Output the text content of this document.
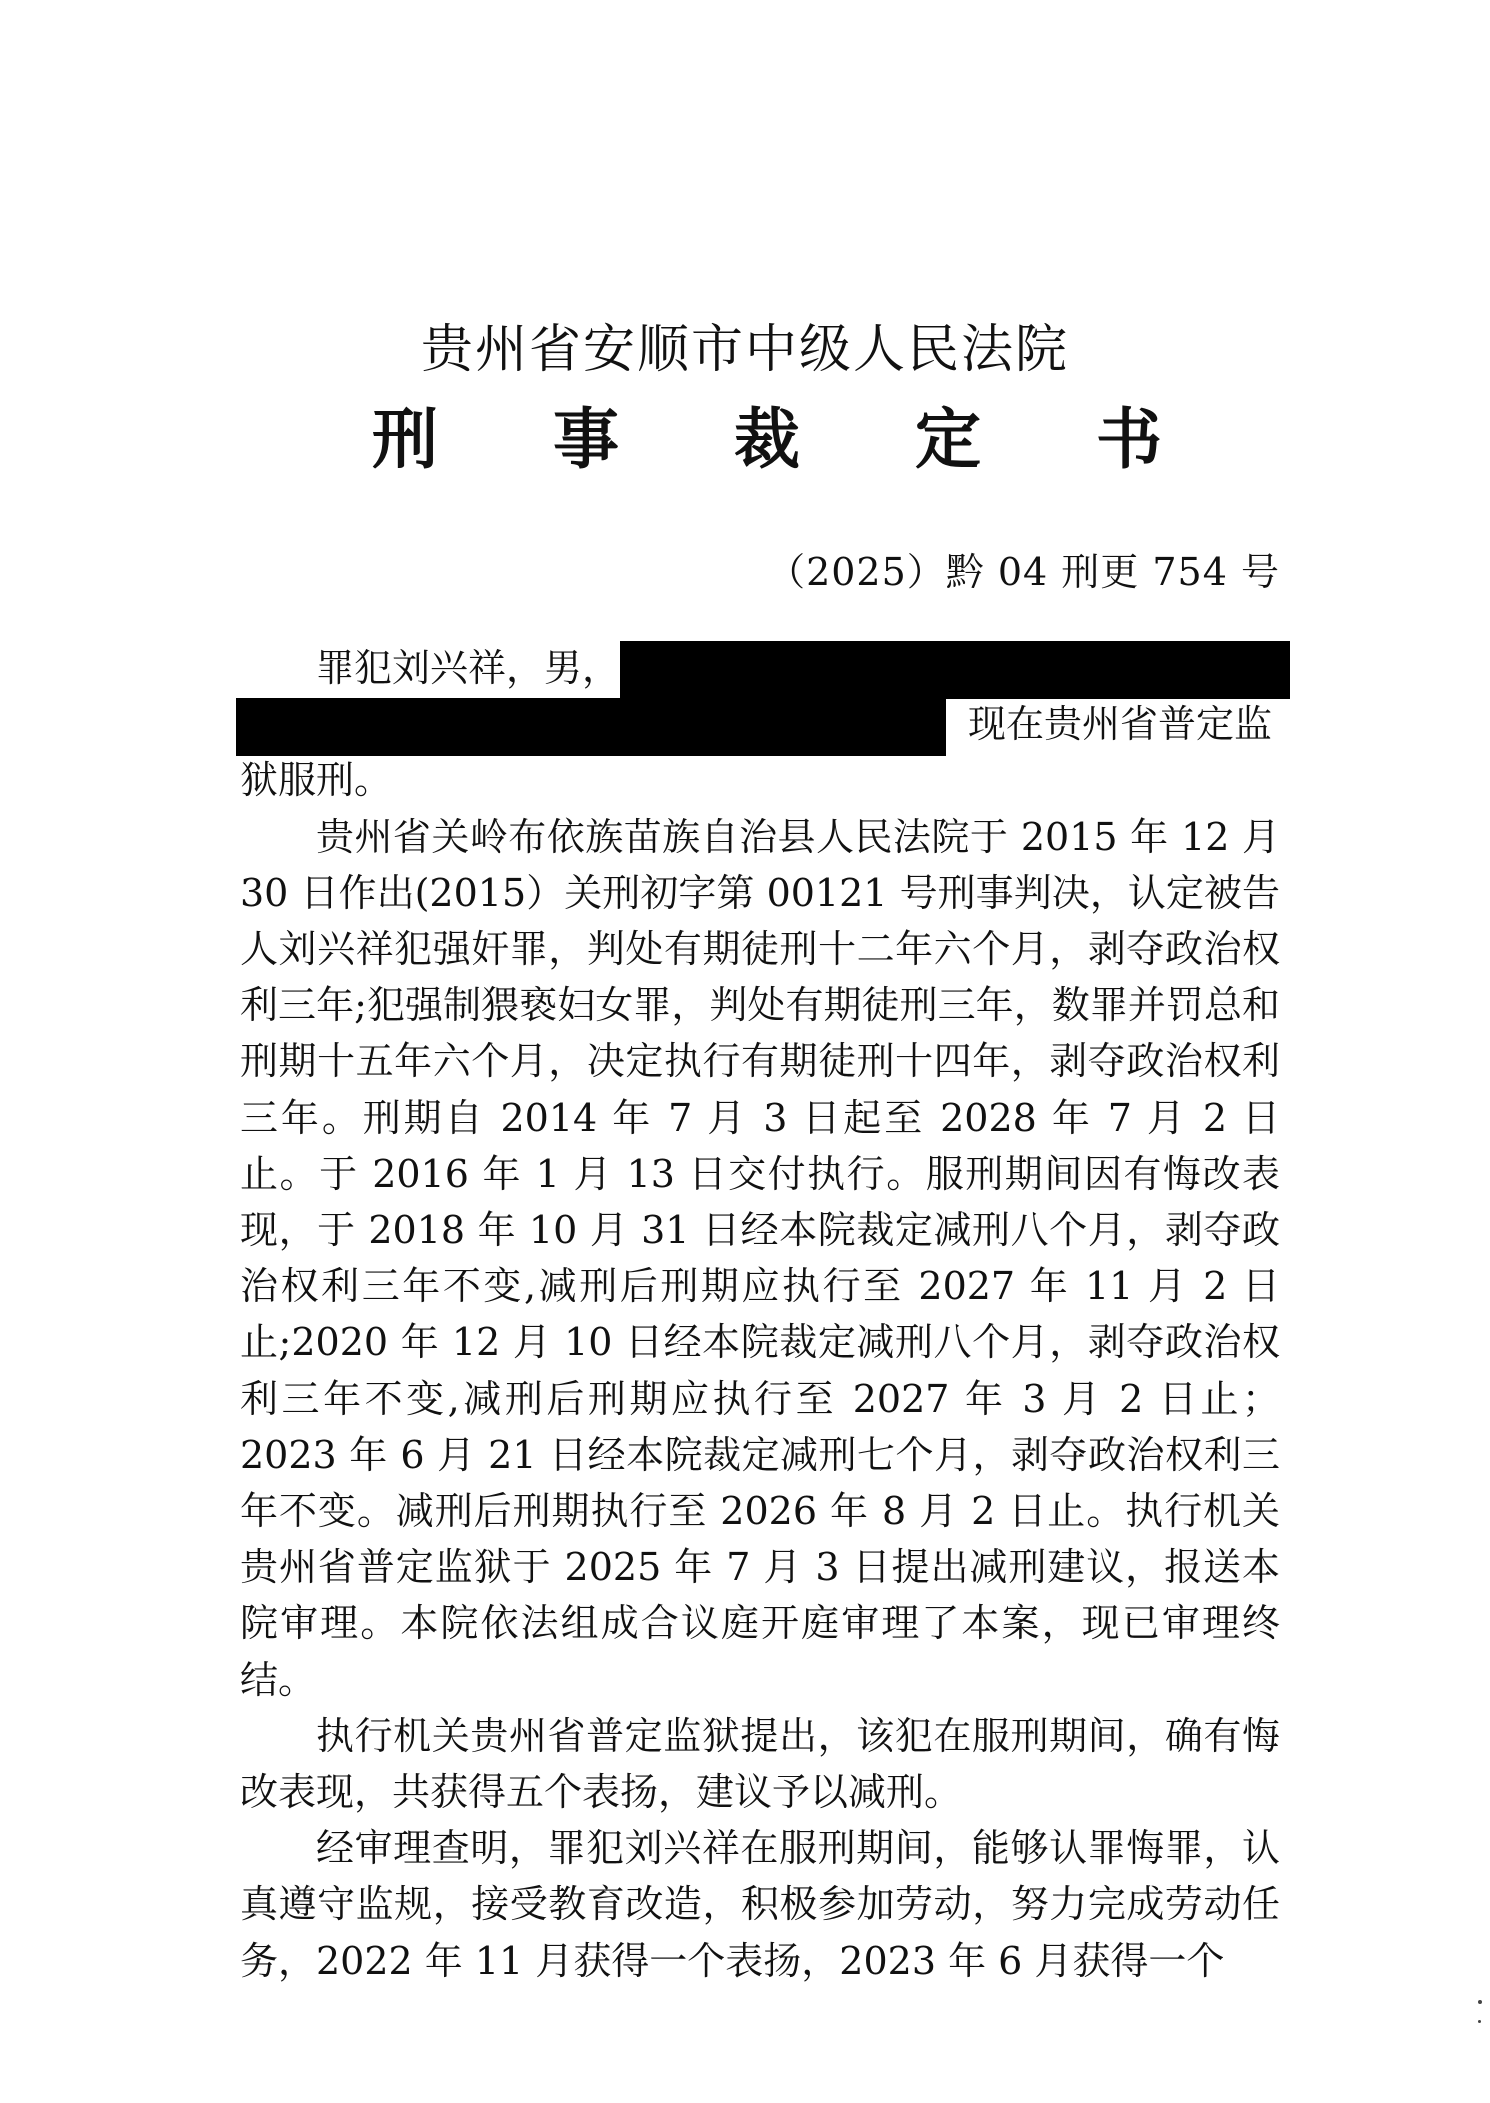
贵州省安顺市中级人民法院
刑 事 裁 定 书
（2025）黔 04 刑更 754 号
罪犯刘兴祥，男，
现在贵州省普定监
狱服刑。

贵州省关岭布依族苗族自治县人民法院于 2015 年 12 月 30 日作出(2015）关刑初字第 00121 号刑事判决，认定被告人刘兴祥犯强奸罪，判处有期徒刑十二年六个月，剥夺政治权利三年;犯强制猥亵妇女罪，判处有期徒刑三年，数罪并罚总和刑期十五年六个月，决定执行有期徒刑十四年，剥夺政治权利三年。刑期自 2014 年 7 月 3 日起至 2028 年 7 月 2 日止。于 2016 年 1 月 13 日交付执行。服刑期间因有悔改表现，于 2018 年 10 月 31 日经本院裁定减刑八个月，剥夺政治权利三年不变,减刑后刑期应执行至 2027 年 11 月 2 日止;2020 年 12 月 10 日经本院裁定减刑八个月，剥夺政治权利三年不变,减刑后刑期应执行至 2027 年 3 月 2 日止； 2023 年 6 月 21 日经本院裁定减刑七个月，剥夺政治权利三年不变。减刑后刑期执行至 2026 年 8 月 2 日止。执行机关贵州省普定监狱于 2025 年 7 月 3 日提出减刑建议，报送本院审理。本院依法组成合议庭开庭审理了本案，现已审理终结。

执行机关贵州省普定监狱提出，该犯在服刑期间，确有悔改表现，共获得五个表扬，建议予以减刑。

经审理查明，罪犯刘兴祥在服刑期间，能够认罪悔罪，认真遵守监规，接受教育改造，积极参加劳动，努力完成劳动任务，2022 年 11 月获得一个表扬，2023 年 6 月获得一个
